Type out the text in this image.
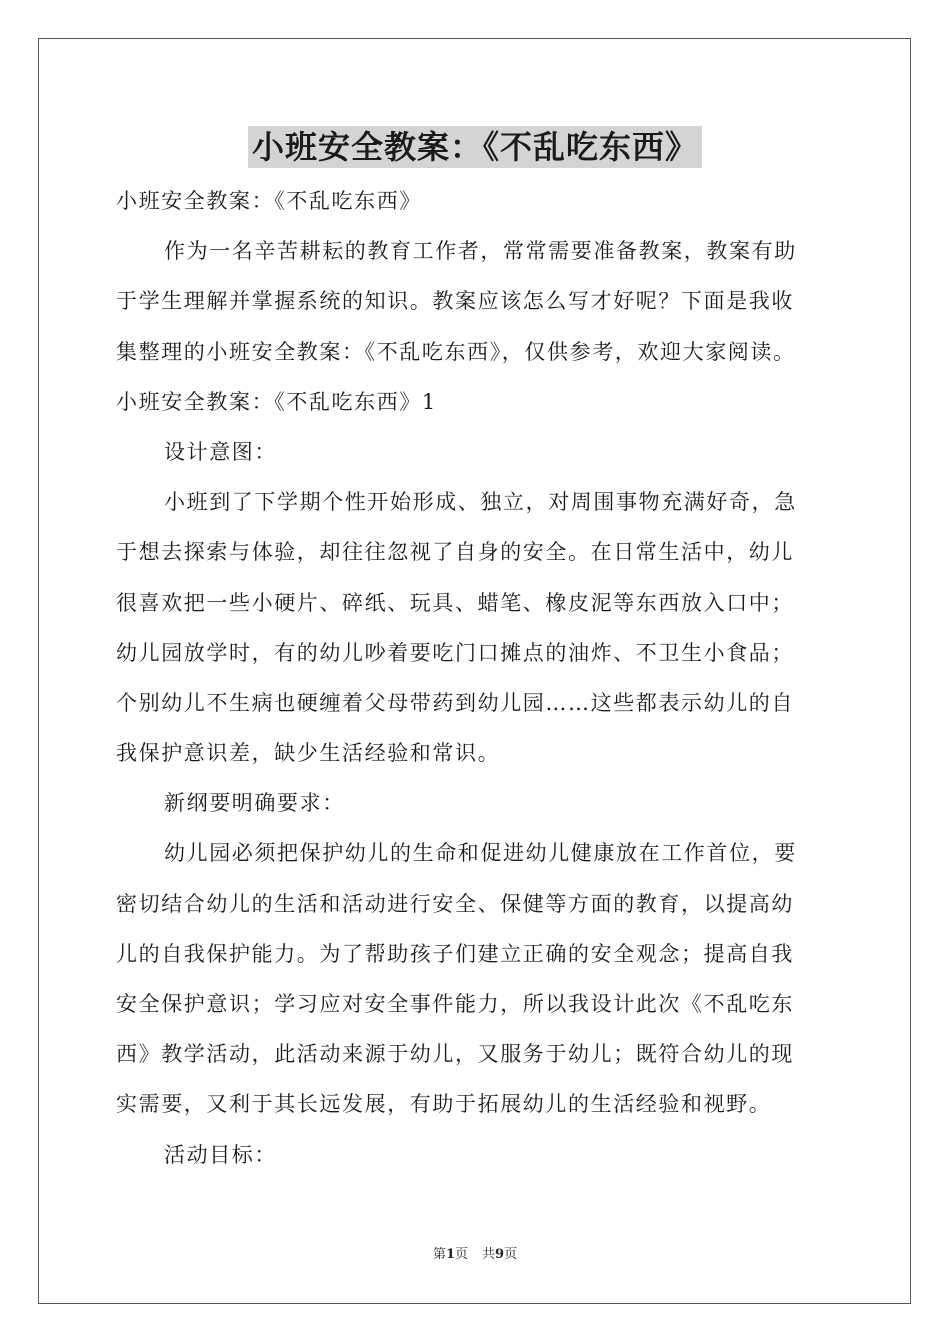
小班安全教案：《不乱吃东西》
小班安全教案：《不乱吃东西》
作为一名辛苦耕耘的教育工作者，常常需要准备教案，教案有助
于学生理解并掌握系统的知识。教案应该怎么写才好呢？下面是我收
集整理的小班安全教案：《不乱吃东西》，仅供参考，欢迎大家阅读。
小班安全教案：《不乱吃东西》1
设计意图：
小班到了下学期个性开始形成、独立，对周围事物充满好奇，急
于想去探索与体验，却往往忽视了自身的安全。在日常生活中，幼儿
很喜欢把一些小硬片、碎纸、玩具、蜡笔、橡皮泥等东西放入口中；
幼儿园放学时，有的幼儿吵着要吃门口摊点的油炸、不卫生小食品；
个别幼儿不生病也硬缠着父母带药到幼儿园……这些都表示幼儿的自
我保护意识差，缺少生活经验和常识。
新纲要明确要求：
幼儿园必须把保护幼儿的生命和促进幼儿健康放在工作首位，要
密切结合幼儿的生活和活动进行安全、保健等方面的教育，以提高幼
儿的自我保护能力。为了帮助孩子们建立正确的安全观念；提高自我
安全保护意识；学习应对安全事件能力，所以我设计此次《不乱吃东
西》教学活动，此活动来源于幼儿，又服务于幼儿；既符合幼儿的现
实需要，又利于其长远发展，有助于拓展幼儿的生活经验和视野。
活动目标：
第1页 共9页
